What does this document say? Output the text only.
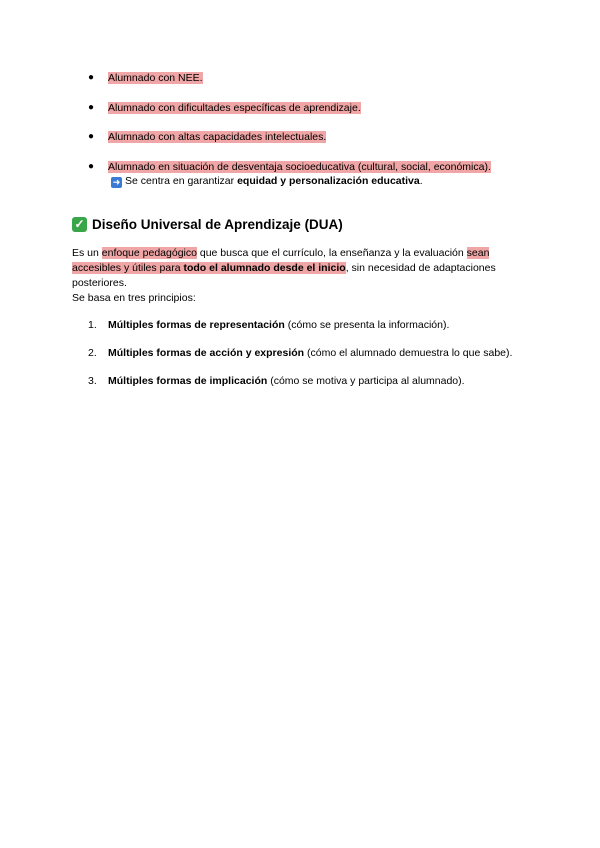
● Alumnado con NEE.
● Alumnado con dificultades específicas de aprendizaje.
● Alumnado con altas capacidades intelectuales.
● Alumnado en situación de desventaja socioeducativa (cultural, social, económica).
➜ Se centra en garantizar equidad y personalización educativa.
✓ Diseño Universal de Aprendizaje (DUA)
Es un enfoque pedagógico que busca que el currículo, la enseñanza y la evaluación sean accesibles y útiles para todo el alumnado desde el inicio, sin necesidad de adaptaciones posteriores.
Se basa en tres principios:
1. Múltiples formas de representación (cómo se presenta la información).
2. Múltiples formas de acción y expresión (cómo el alumnado demuestra lo que sabe).
3. Múltiples formas de implicación (cómo se motiva y participa al alumnado).
